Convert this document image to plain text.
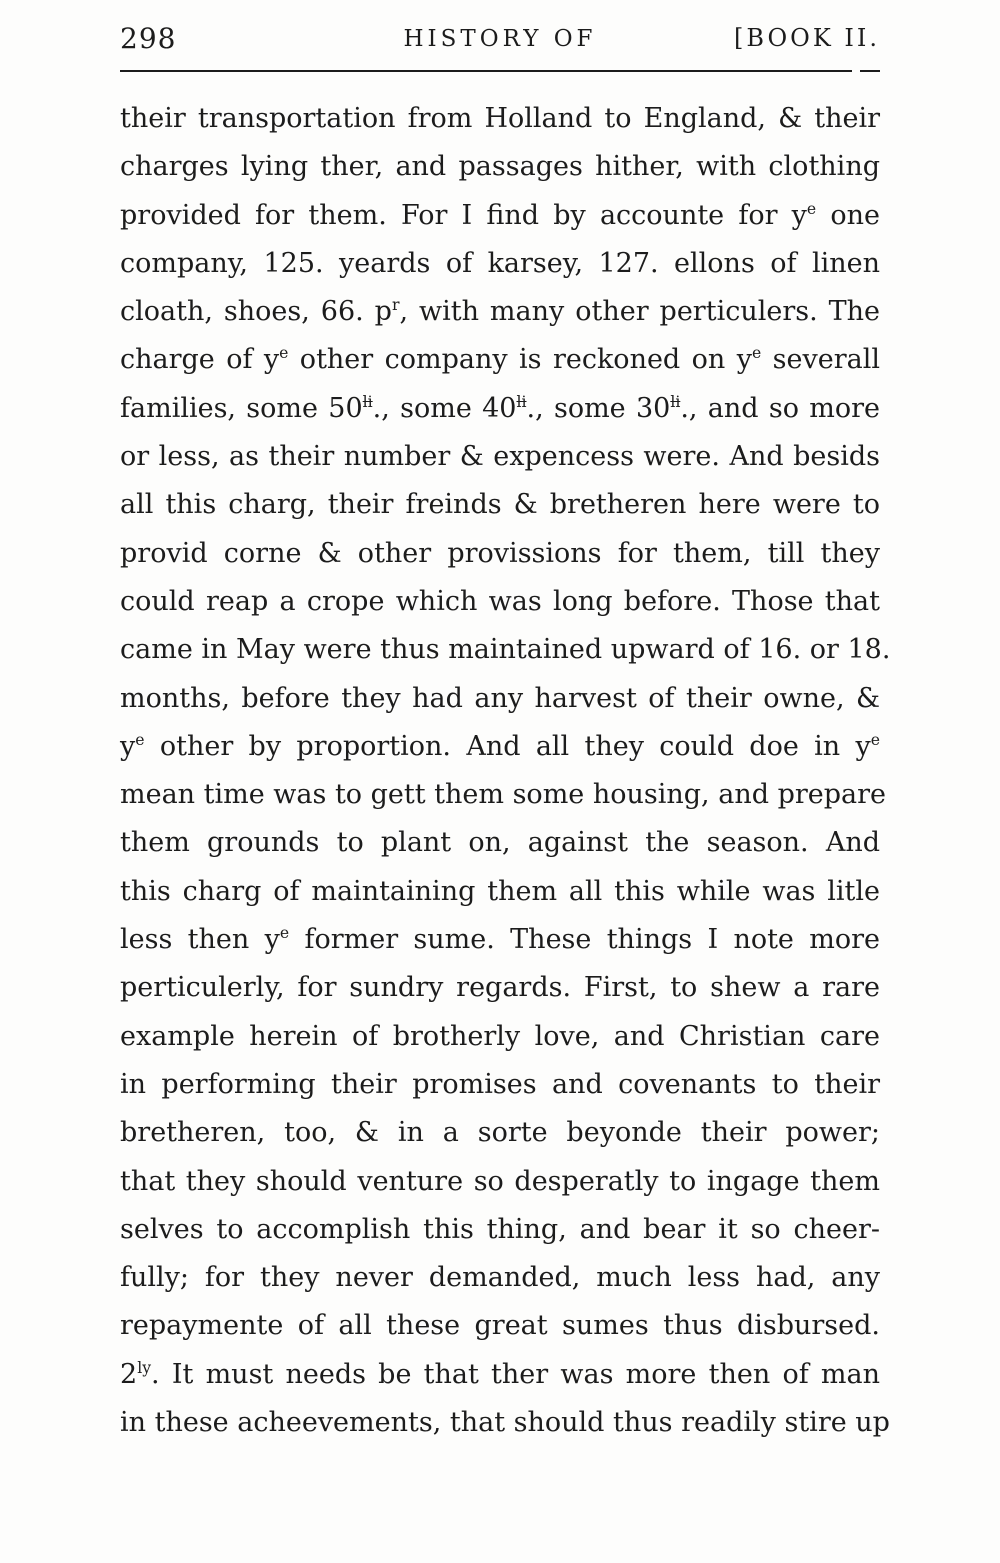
298	HISTORY OF	[BOOK II.
their transportation from Holland to England, & their
charges lying ther, and passages hither, with clothing
provided for them. For I find by accounte for $y^e$ one
company, 125. yeards of karsey, 127. ellons of linen
cloath, shoes, 66. $p^r$, with many other perticulers. The
charge of $y^e$ other company is reckoned on $y^e$ severall
families, some $50^{li}$., some $40^{li}$., some $30^{li}$., and so more
or less, as their number & expencess were. And besids
all this charg, their freinds & bretheren here were to
provid corne & other provissions for them, till they
could reap a crope which was long before. Those that
came in May were thus maintained upward of 16. or 18.
months, before they had any harvest of their owne, &
$y^e$ other by proportion. And all they could doe in $y^e$
mean time was to gett them some housing, and prepare
them grounds to plant on, against the season. And
this charg of maintaining them all this while was litle
less then $y^e$ former sume. These things I note more
perticulerly, for sundry regards. First, to shew a rare
example herein of brotherly love, and Christian care
in performing their promises and covenants to their
bretheren, too, & in a sorte beyonde their power;
that they should venture so desperatly to ingage them
selves to accomplish this thing, and bear it so cheer-
fully; for they never demanded, much less had, any
repaymente of all these great sumes thus disbursed.
$2^{ly}$. It must needs be that ther was more then of man
in these acheevements, that should thus readily stire up
